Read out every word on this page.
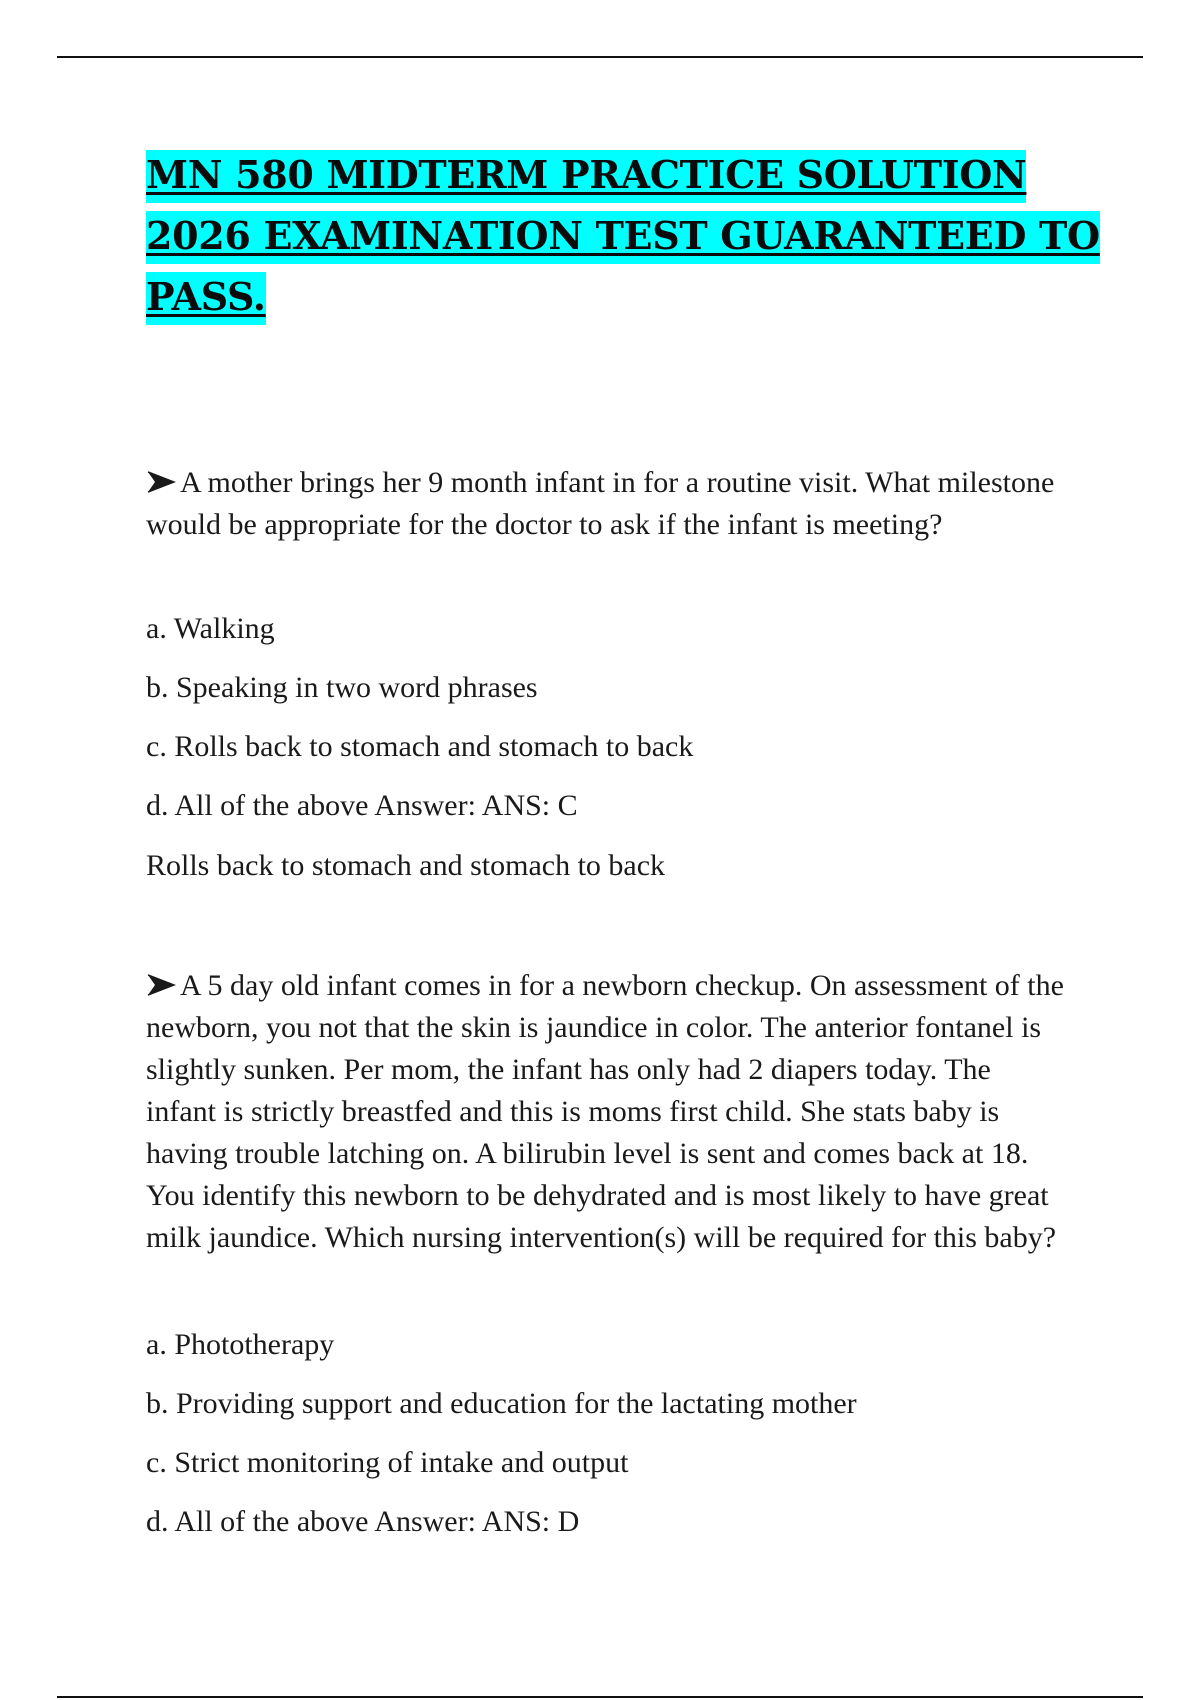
MN 580 MIDTERM PRACTICE SOLUTION 2026 EXAMINATION TEST GUARANTEED TO PASS.

A mother brings her 9 month infant in for a routine visit. What milestone would be appropriate for the doctor to ask if the infant is meeting?

a. Walking
b. Speaking in two word phrases
c. Rolls back to stomach and stomach to back
d. All of the above Answer: ANS: C
Rolls back to stomach and stomach to back

A 5 day old infant comes in for a newborn checkup. On assessment of the newborn, you not that the skin is jaundice in color. The anterior fontanel is slightly sunken. Per mom, the infant has only had 2 diapers today. The infant is strictly breastfed and this is moms first child. She stats baby is having trouble latching on. A bilirubin level is sent and comes back at 18. You identify this newborn to be dehydrated and is most likely to have great milk jaundice. Which nursing intervention(s) will be required for this baby?

a. Phototherapy
b. Providing support and education for the lactating mother
c. Strict monitoring of intake and output
d. All of the above Answer: ANS: D
